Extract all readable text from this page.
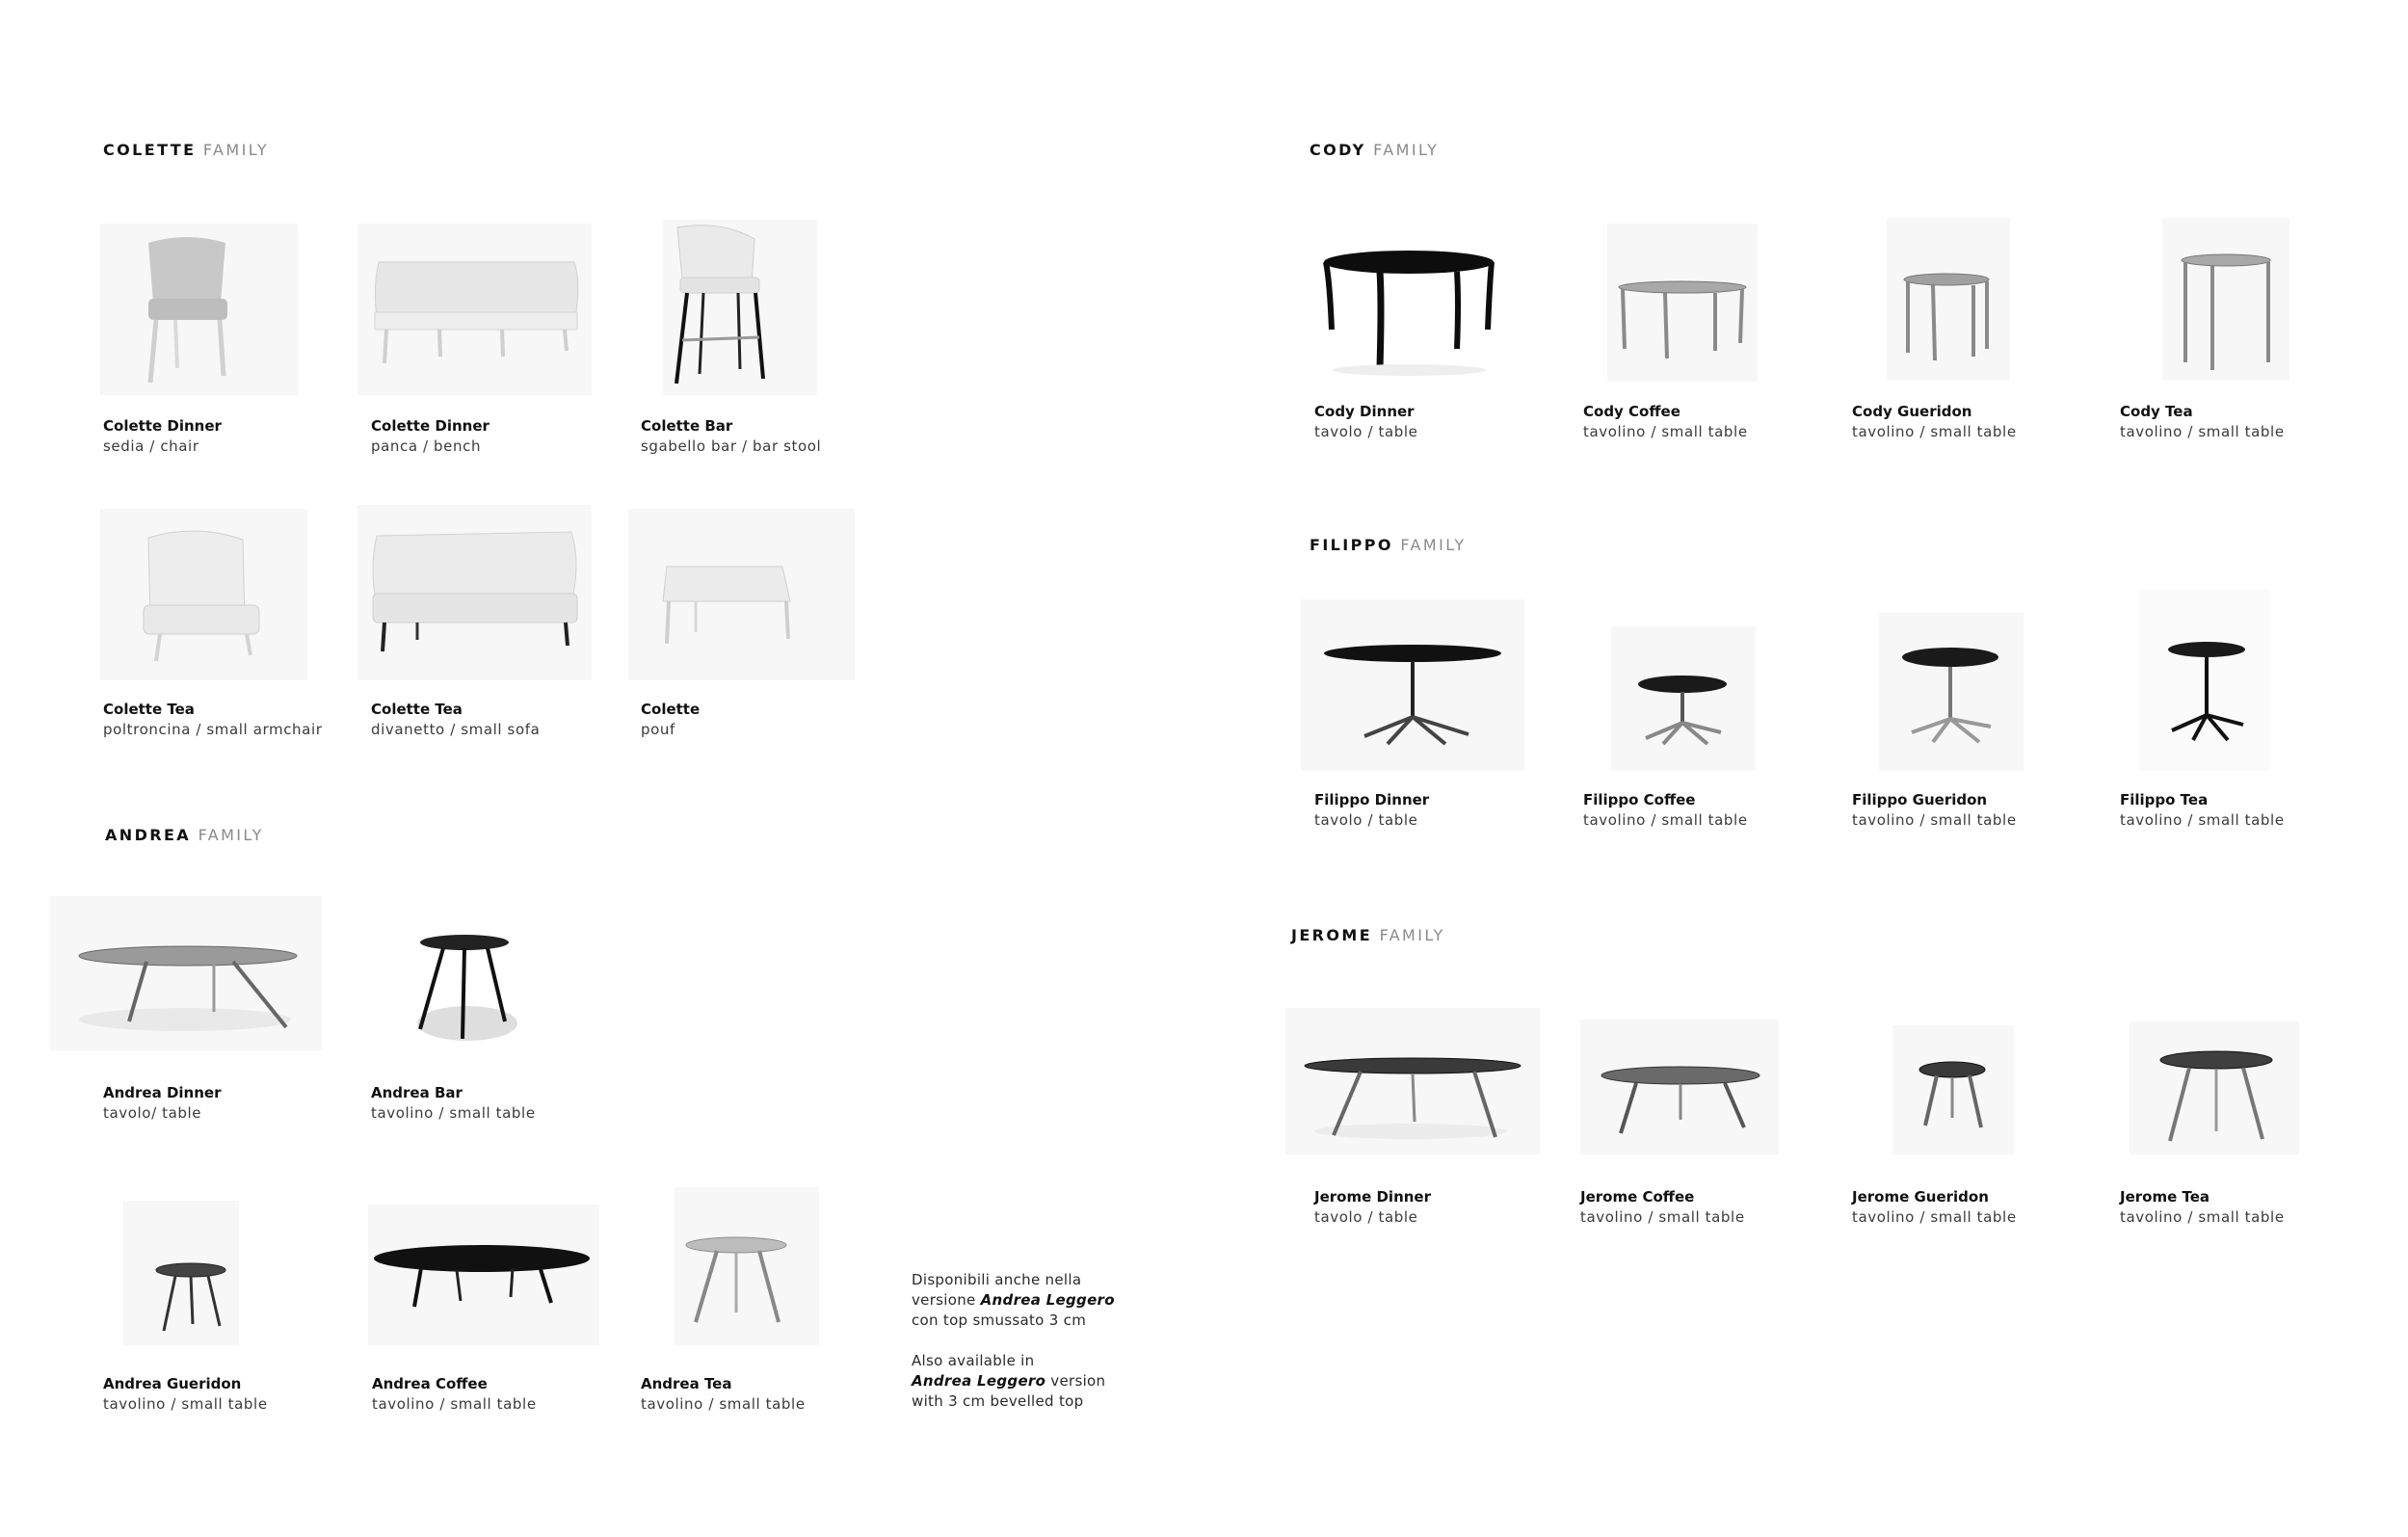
COLETTE FAMILY	CODY FAMILY
FILIPPO FAMILY
ANDREA FAMILY
JEROME FAMILY
Colette Dinner
sedia / chair
Colette Dinner
panca / bench
Colette Bar
sgabello bar / bar stool
Colette Tea
poltroncina / small armchair
Colette Tea
divanetto / small sofa
Colette
pouf
Andrea Dinner
tavolo/ table
Andrea Bar
tavolino / small table
Andrea Gueridon
tavolino / small table
Andrea Coffee
tavolino / small table
Andrea Tea
tavolino / small table

Disponibili anche nella
versione Andrea Leggero
con top smussato 3 cm

Also available in
Andrea Leggero version
with 3 cm bevelled top

Cody Dinner
tavolo / table
Cody Coffee
tavolino / small table
Cody Gueridon
tavolino / small table
Cody Tea
tavolino / small table
Filippo Dinner
tavolo / table
Filippo Coffee
tavolino / small table
Filippo Gueridon
tavolino / small table
Filippo Tea
tavolino / small table
Jerome Dinner
tavolo / table
Jerome Coffee
tavolino / small table
Jerome Gueridon
tavolino / small table
Jerome Tea
tavolino / small table
